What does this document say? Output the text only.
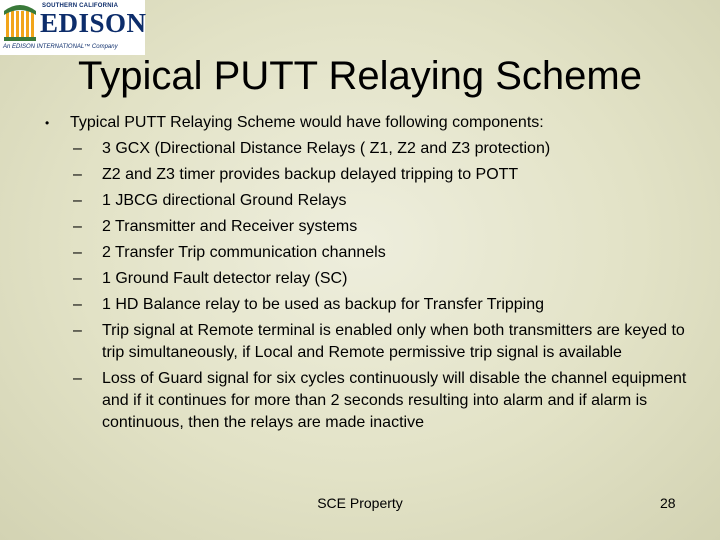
SOUTHERN CALIFORNIA
EDISON
An EDISON INTERNATIONAL™ Company
Typical PUTT Relaying Scheme
• Typical PUTT Relaying Scheme would have following components:
– 3 GCX (Directional Distance Relays ( Z1, Z2 and Z3 protection)
– Z2 and Z3 timer provides backup delayed tripping to POTT
– 1 JBCG directional Ground Relays
– 2 Transmitter and Receiver systems
– 2 Transfer Trip communication channels
– 1 Ground Fault detector relay (SC)
– 1 HD Balance relay to be used as backup for Transfer Tripping
– Trip signal at Remote terminal is enabled only when both transmitters are keyed to trip simultaneously, if Local and Remote permissive trip signal is available
– Loss of Guard signal for six cycles continuously will disable the channel equipment and if it continues for more than 2 seconds resulting into alarm and if alarm is continuous, then the relays are made inactive
SCE Property	28
